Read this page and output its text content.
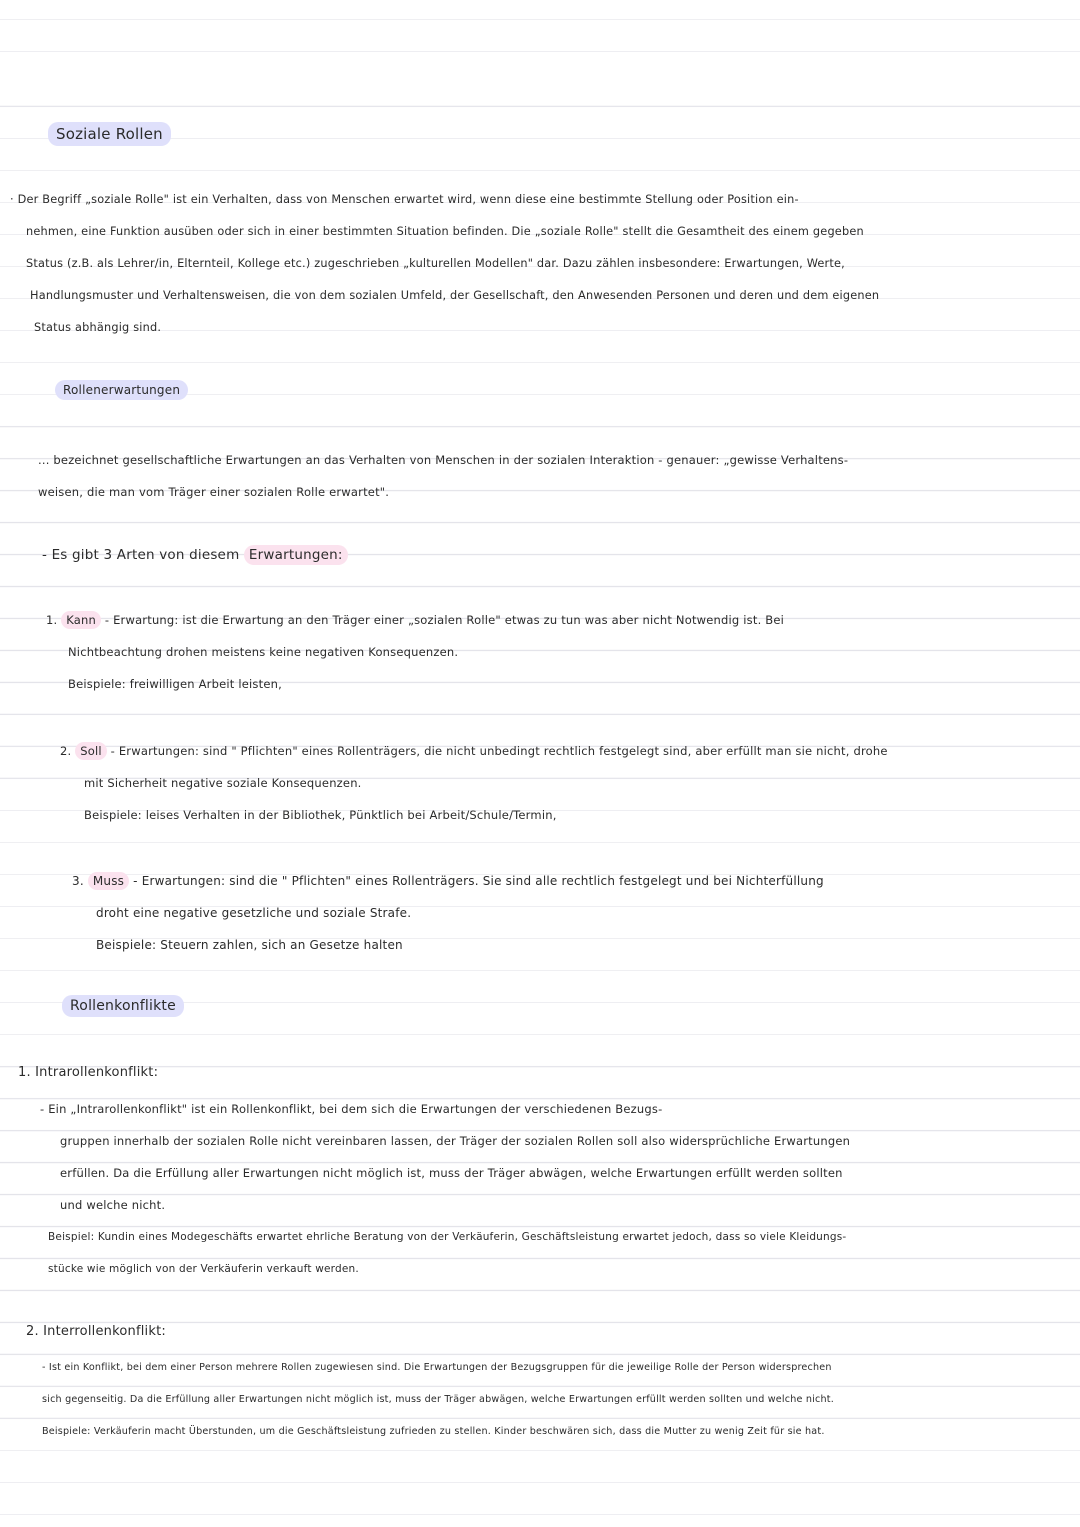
Soziale Rollen

· Der Begriff „soziale Rolle" ist ein Verhalten, dass von Menschen erwartet wird, wenn diese eine bestimmte Stellung oder Position ein-

nehmen, eine Funktion ausüben oder sich in einer bestimmten Situation befinden. Die „soziale Rolle" stellt die Gesamtheit des einem gegeben

Status (z.B. als Lehrer/in, Elternteil, Kollege etc.) zugeschrieben „kulturellen Modellen" dar. Dazu zählen insbesondere: Erwartungen, Werte,

Handlungsmuster und Verhaltensweisen, die von dem sozialen Umfeld, der Gesellschaft, den Anwesenden Personen und deren und dem eigenen

Status abhängig sind.

Rollenerwartungen

... bezeichnet gesellschaftliche Erwartungen an das Verhalten von Menschen in der sozialen Interaktion - genauer: „gewisse Verhaltens-

weisen, die man vom Träger einer sozialen Rolle erwartet".

- Es gibt 3 Arten von diesem Erwartungen:

1. Kann - Erwartung: ist die Erwartung an den Träger einer „sozialen Rolle" etwas zu tun was aber nicht Notwendig ist. Bei

Nichtbeachtung drohen meistens keine negativen Konsequenzen.

Beispiele: freiwilligen Arbeit leisten,

2. Soll - Erwartungen: sind " Pflichten" eines Rollenträgers, die nicht unbedingt rechtlich festgelegt sind, aber erfüllt man sie nicht, drohe

mit Sicherheit negative soziale Konsequenzen.

Beispiele: leises Verhalten in der Bibliothek, Pünktlich bei Arbeit/Schule/Termin,

3. Muss - Erwartungen: sind die " Pflichten" eines Rollenträgers. Sie sind alle rechtlich festgelegt und bei Nichterfüllung

droht eine negative gesetzliche und soziale Strafe.

Beispiele: Steuern zahlen, sich an Gesetze halten

Rollenkonflikte
1. Intrarollenkonflikt:

- Ein „Intrarollenkonflikt" ist ein Rollenkonflikt, bei dem sich die Erwartungen der verschiedenen Bezugs-

gruppen innerhalb der sozialen Rolle nicht vereinbaren lassen, der Träger der sozialen Rollen soll also widersprüchliche Erwartungen

erfüllen. Da die Erfüllung aller Erwartungen nicht möglich ist, muss der Träger abwägen, welche Erwartungen erfüllt werden sollten

und welche nicht.

Beispiel: Kundin eines Modegeschäfts erwartet ehrliche Beratung von der Verkäuferin, Geschäftsleistung erwartet jedoch, dass so viele Kleidungs-

stücke wie möglich von der Verkäuferin verkauft werden.

2. Interrollenkonflikt:

- Ist ein Konflikt, bei dem einer Person mehrere Rollen zugewiesen sind. Die Erwartungen der Bezugsgruppen für die jeweilige Rolle der Person widersprechen

sich gegenseitig. Da die Erfüllung aller Erwartungen nicht möglich ist, muss der Träger abwägen, welche Erwartungen erfüllt werden sollten und welche nicht.

Beispiele: Verkäuferin macht Überstunden, um die Geschäftsleistung zufrieden zu stellen. Kinder beschwären sich, dass die Mutter zu wenig Zeit für sie hat.
